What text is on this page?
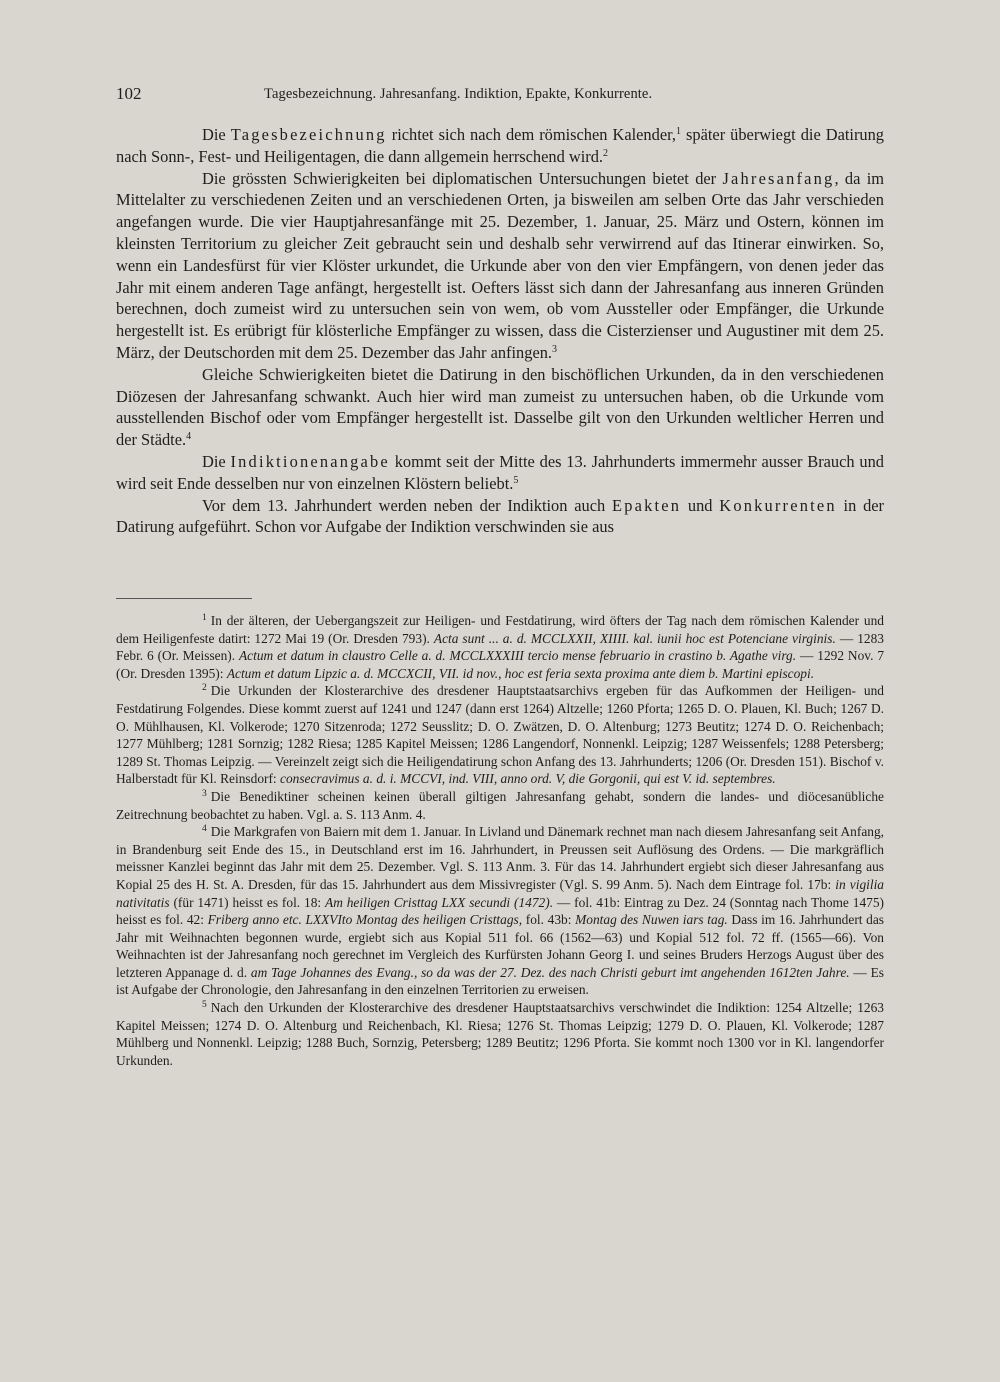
102	Tagesbezeichnung. Jahresanfang. Indiktion, Epakte, Konkurrente.

Die Tagesbezeichnung richtet sich nach dem römischen Kalender,$^1$ später überwiegt die Datirung nach Sonn-, Fest- und Heiligentagen, die dann allgemein herrschend wird.$^2$

Die grössten Schwierigkeiten bei diplomatischen Untersuchungen bietet der Jahresanfang, da im Mittelalter zu verschiedenen Zeiten und an verschiedenen Orten, ja bisweilen am selben Orte das Jahr verschieden angefangen wurde. Die vier Hauptjahresanfänge mit 25. Dezember, 1. Januar, 25. März und Ostern, können im kleinsten Territorium zu gleicher Zeit gebraucht sein und deshalb sehr verwirrend auf das Itinerar einwirken. So, wenn ein Landesfürst für vier Klöster urkundet, die Urkunde aber von den vier Empfängern, von denen jeder das Jahr mit einem anderen Tage anfängt, hergestellt ist. Oefters lässt sich dann der Jahresanfang aus inneren Gründen berechnen, doch zumeist wird zu untersuchen sein von wem, ob vom Aussteller oder Empfänger, die Urkunde hergestellt ist. Es erübrigt für klösterliche Empfänger zu wissen, dass die Cisterzienser und Augustiner mit dem 25. März, der Deutschorden mit dem 25. Dezember das Jahr anfingen.$^3$

Gleiche Schwierigkeiten bietet die Datirung in den bischöflichen Urkunden, da in den verschiedenen Diözesen der Jahresanfang schwankt. Auch hier wird man zumeist zu untersuchen haben, ob die Urkunde vom ausstellenden Bischof oder vom Empfänger hergestellt ist. Dasselbe gilt von den Urkunden weltlicher Herren und der Städte.$^4$

Die Indiktionenangabe kommt seit der Mitte des 13. Jahrhunderts immermehr ausser Brauch und wird seit Ende desselben nur von einzelnen Klöstern beliebt.$^5$

Vor dem 13. Jahrhundert werden neben der Indiktion auch Epakten und Konkurrenten in der Datirung aufgeführt. Schon vor Aufgabe der Indiktion verschwinden sie aus

$^1$ In der älteren, der Uebergangszeit zur Heiligen- und Festdatirung, wird öfters der Tag nach dem römischen Kalender und dem Heiligenfeste datirt: 1272 Mai 19 (Or. Dresden 793). Acta sunt ... a. d. MCCLXXII, XIIII. kal. iunii hoc est Potenciane virginis. — 1283 Febr. 6 (Or. Meissen). Actum et datum in claustro Celle a. d. MCCLXXXIII tercio mense februario in crastino b. Agathe virg. — 1292 Nov. 7 (Or. Dresden 1395): Actum et datum Lipzic a. d. MCCXCII, VII. id nov., hoc est feria sexta proxima ante diem b. Martini episcopi.

$^2$ Die Urkunden der Klosterarchive des dresdener Hauptstaatsarchivs ergeben für das Aufkommen der Heiligen- und Festdatirung Folgendes. Diese kommt zuerst auf 1241 und 1247 (dann erst 1264) Altzelle; 1260 Pforta; 1265 D. O. Plauen, Kl. Buch; 1267 D. O. Mühlhausen, Kl. Volkerode; 1270 Sitzenroda; 1272 Seusslitz; D. O. Zwätzen, D. O. Altenburg; 1273 Beutitz; 1274 D. O. Reichenbach; 1277 Mühlberg; 1281 Sornzig; 1282 Riesa; 1285 Kapitel Meissen; 1286 Langendorf, Nonnenkl. Leipzig; 1287 Weissenfels; 1288 Petersberg; 1289 St. Thomas Leipzig. — Vereinzelt zeigt sich die Heiligendatirung schon Anfang des 13. Jahrhunderts; 1206 (Or. Dresden 151). Bischof v. Halberstadt für Kl. Reinsdorf: consecravimus a. d. i. MCCVI, ind. VIII, anno ord. V, die Gorgonii, qui est V. id. septembres.

$^3$ Die Benediktiner scheinen keinen überall giltigen Jahresanfang gehabt, sondern die landes- und diöcesanübliche Zeitrechnung beobachtet zu haben. Vgl. a. S. 113 Anm. 4.

$^4$ Die Markgrafen von Baiern mit dem 1. Januar. In Livland und Dänemark rechnet man nach diesem Jahresanfang seit Anfang, in Brandenburg seit Ende des 15., in Deutschland erst im 16. Jahrhundert, in Preussen seit Auflösung des Ordens. — Die markgräflich meissner Kanzlei beginnt das Jahr mit dem 25. Dezember. Vgl. S. 113 Anm. 3. Für das 14. Jahrhundert ergiebt sich dieser Jahresanfang aus Kopial 25 des H. St. A. Dresden, für das 15. Jahrhundert aus dem Missivregister (Vgl. S. 99 Anm. 5). Nach dem Eintrage fol. 17b: in vigilia nativitatis (für 1471) heisst es fol. 18: Am heiligen Cristtag LXX secundi (1472). — fol. 41b: Eintrag zu Dez. 24 (Sonntag nach Thome 1475) heisst es fol. 42: Friberg anno etc. LXXVIto Montag des heiligen Cristtags, fol. 43b: Montag des Nuwen iars tag. Dass im 16. Jahrhundert das Jahr mit Weihnachten begonnen wurde, ergiebt sich aus Kopial 511 fol. 66 (1562—63) und Kopial 512 fol. 72 ff. (1565—66). Von Weihnachten ist der Jahresanfang noch gerechnet im Vergleich des Kurfürsten Johann Georg I. und seines Bruders Herzogs August über des letzteren Appanage d. d. am Tage Johannes des Evang., so da was der 27. Dez. des nach Christi geburt imt angehenden 1612ten Jahre. — Es ist Aufgabe der Chronologie, den Jahresanfang in den einzelnen Territorien zu erweisen.

$^5$ Nach den Urkunden der Klosterarchive des dresdener Hauptstaatsarchivs verschwindet die Indiktion: 1254 Altzelle; 1263 Kapitel Meissen; 1274 D. O. Altenburg und Reichenbach, Kl. Riesa; 1276 St. Thomas Leipzig; 1279 D. O. Plauen, Kl. Volkerode; 1287 Mühlberg und Nonnenkl. Leipzig; 1288 Buch, Sornzig, Petersberg; 1289 Beutitz; 1296 Pforta. Sie kommt noch 1300 vor in Kl. langendorfer Urkunden.
